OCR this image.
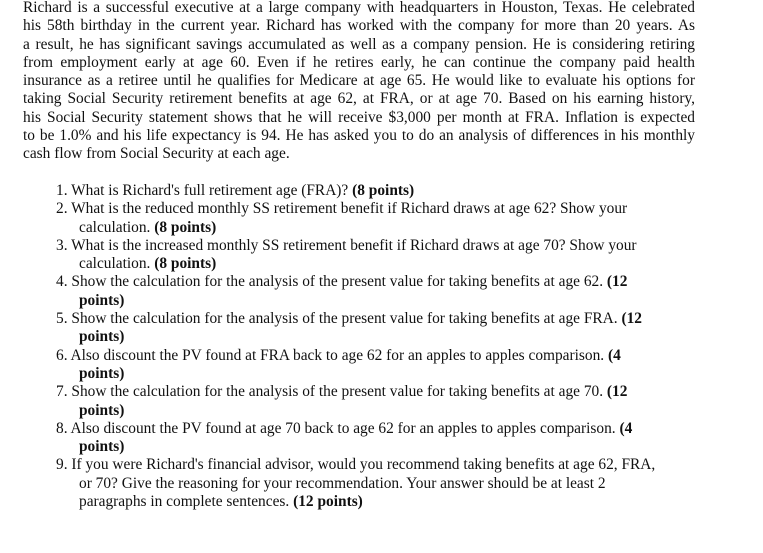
Richard is a successful executive at a large company with headquarters in Houston, Texas. He celebrated
his 58th birthday in the current year. Richard has worked with the company for more than 20 years. As
a result, he has significant savings accumulated as well as a company pension. He is considering retiring
from employment early at age 60. Even if he retires early, he can continue the company paid health
insurance as a retiree until he qualifies for Medicare at age 65. He would like to evaluate his options for
taking Social Security retirement benefits at age 62, at FRA, or at age 70. Based on his earning history,
his Social Security statement shows that he will receive $3,000 per month at FRA. Inflation is expected
to be 1.0% and his life expectancy is 94. He has asked you to do an analysis of differences in his monthly
cash flow from Social Security at each age.

1. What is Richard's full retirement age (FRA)? (8 points)
2. What is the reduced monthly SS retirement benefit if Richard draws at age 62? Show your
calculation. (8 points)
3. What is the increased monthly SS retirement benefit if Richard draws at age 70? Show your
calculation. (8 points)
4. Show the calculation for the analysis of the present value for taking benefits at age 62. (12
points)
5. Show the calculation for the analysis of the present value for taking benefits at age FRA. (12
points)
6. Also discount the PV found at FRA back to age 62 for an apples to apples comparison. (4
points)
7. Show the calculation for the analysis of the present value for taking benefits at age 70. (12
points)
8. Also discount the PV found at age 70 back to age 62 for an apples to apples comparison. (4
points)
9. If you were Richard's financial advisor, would you recommend taking benefits at age 62, FRA,
or 70? Give the reasoning for your recommendation. Your answer should be at least 2
paragraphs in complete sentences. (12 points)
